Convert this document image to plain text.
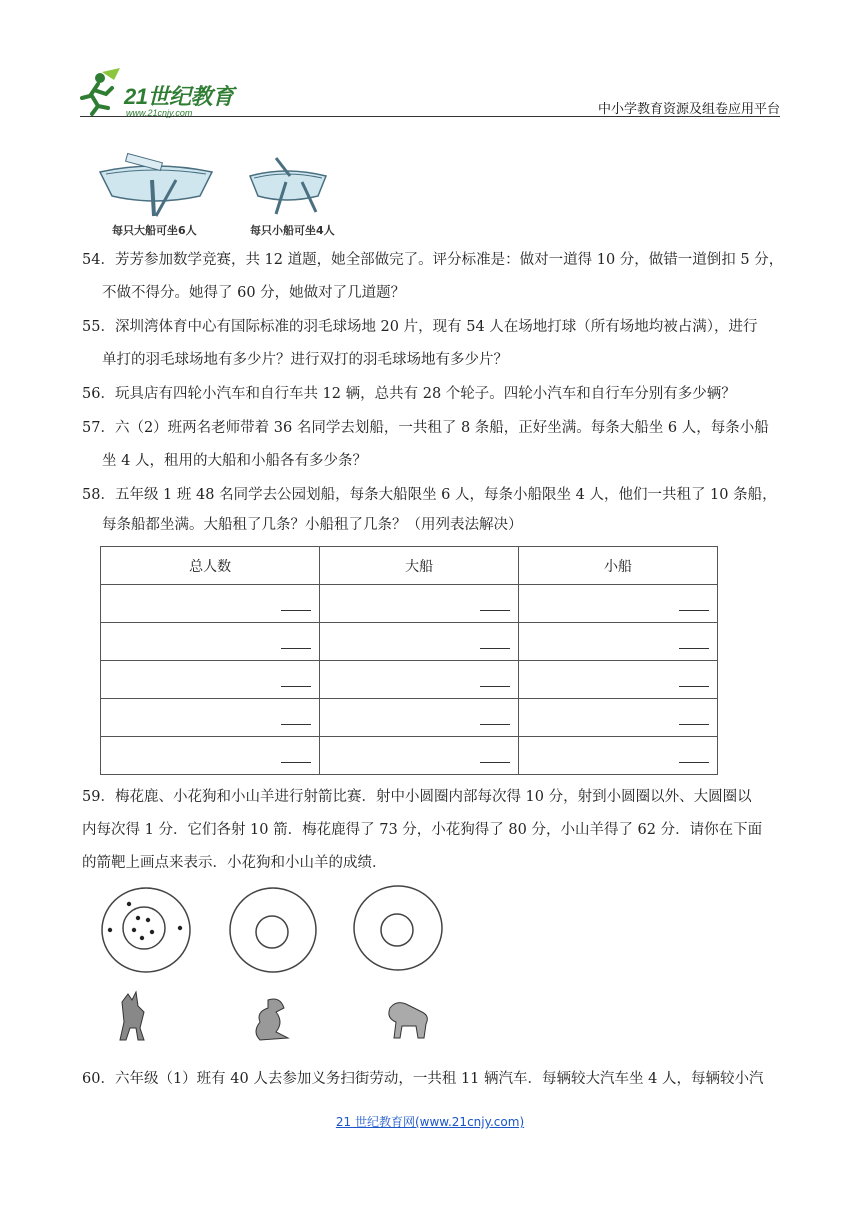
21世纪教育
www.21cnjy.com	中小学教育资源及组卷应用平台
每只大船可坐6人	每只小船可坐4人
54．芳芳参加数学竞赛，共 12 道题，她全部做完了。评分标准是：做对一道得 10 分，做错一道倒扣 5 分，
不做不得分。她得了 60 分，她做对了几道题？
55．深圳湾体育中心有国际标准的羽毛球场地 20 片，现有 54 人在场地打球（所有场地均被占满），进行
单打的羽毛球场地有多少片？进行双打的羽毛球场地有多少片？
56．玩具店有四轮小汽车和自行车共 12 辆，总共有 28 个轮子。四轮小汽车和自行车分别有多少辆？
57．六（2）班两名老师带着 36 名同学去划船，一共租了 8 条船，正好坐满。每条大船坐 6 人，每条小船
坐 4 人，租用的大船和小船各有多少条？
58．五年级 1 班 48 名同学去公园划船，每条大船限坐 6 人，每条小船限坐 4 人，他们一共租了 10 条船，
每条船都坐满。大船租了几条？小船租了几条？（用列表法解决）
总人数	大船	小船

59．梅花鹿、小花狗和小山羊进行射箭比赛．射中小圆圈内部每次得 10 分，射到小圆圈以外、大圆圈以
内每次得 1 分．它们各射 10 箭．梅花鹿得了 73 分，小花狗得了 80 分，小山羊得了 62 分．请你在下面
的箭靶上画点来表示．小花狗和小山羊的成绩．
60．六年级（1）班有 40 人去参加义务扫街劳动，一共租 11 辆汽车．每辆较大汽车坐 4 人，每辆较小汽
21 世纪教育网(www.21cnjy.com)
